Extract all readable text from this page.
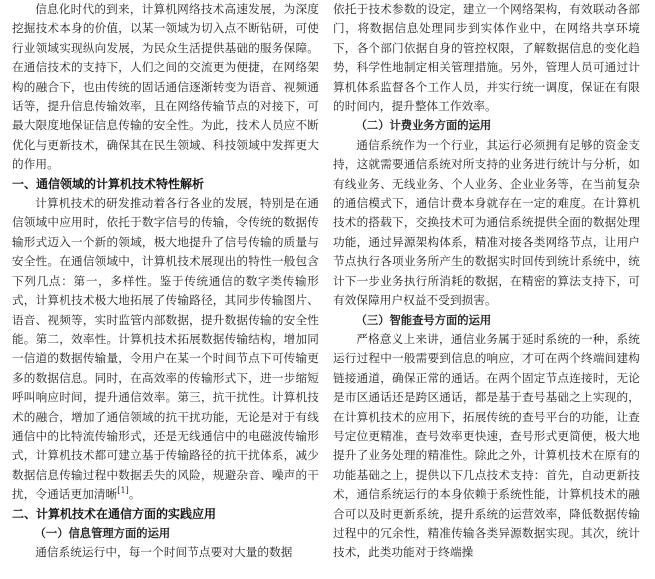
信息化时代的到来，计算机网络技术高速发展，为深度挖掘技术本身的价值，以某一领域为切入点不断钻研，可使行业领域实现纵向发展，为民众生活提供基础的服务保障。在通信技术的支持下，人们之间的交流更为便捷，在网络架构的融合下，也由传统的固话通信逐渐转变为语音、视频通话等，提升信息传输效率，且在网络传输节点的对接下，可最大限度地保证信息传输的安全性。为此，技术人员应不断优化与更新技术，确保其在民生领域、科技领域中发挥更大的作用。

一、通信领域的计算机技术特性解析

计算机技术的研发推动着各行各业的发展，特别是在通信领域中应用时，依托于数字信号的传输，令传统的数据传输形式迈入一个新的领域，极大地提升了信号传输的质量与安全性。在通信领域中，计算机技术展现出的特性一般包含下列几点：第一，多样性。鉴于传统通信的数字类传输形式，计算机技术极大地拓展了传输路径，其同步传输图片、语音、视频等，实时监管内部数据，提升数据传输的安全性能。第二，效率性。计算机技术拓展数据传输结构，增加同一信道的数据传输量，令用户在某一个时间节点下可传输更多的数据信息。同时，在高效率的传输形式下，进一步缩短呼叫响应时间，提升通信效率。第三，抗干扰性。计算机技术的融合，增加了通信领域的抗干扰功能，无论是对于有线通信中的比特流传输形式，还是无线通信中的电磁波传输形式，计算机技术都可建立基于传输路径的抗干扰体系，减少数据信息传输过程中数据丢失的风险，规避杂音、噪声的干扰，令通话更加清晰[1]。

二、计算机技术在通信方面的实践应用
（一）信息管理方面的运用

通信系统运行中，每一个时间节点要对大量的数据

依托于技术参数的设定，建立一个网络架构，有效联动各部门，将数据信息处理同步到实体作业中，在网络共享环境下，各个部门依据自身的管控权限，了解数据信息的变化趋势，科学性地制定相关管理措施。另外，管理人员可通过计算机体系监督各个工作人员，并实行统一调度，保证在有限的时间内，提升整体工作效率。

（二）计费业务方面的运用

通信系统作为一个行业，其运行必须拥有足够的资金支持，这就需要通信系统对所支持的业务进行统计与分析，如有线业务、无线业务、个人业务、企业业务等，在当前复杂的通信模式下，通信计费本身就存在一定的难度。在计算机技术的搭载下，交换技术可为通信系统提供全面的数据处理功能，通过异源架构体系，精准对接各类网络节点，让用户节点执行各项业务所产生的数据实时回传到统计系统中，统计下一步业务执行所消耗的数据，在精密的算法支持下，可有效保障用户权益不受到损害。

（三）智能查号方面的运用

严格意义上来讲，通信业务属于延时系统的一种，系统运行过程中一般需要到信息的响应，才可在两个终端间建构链接通道，确保正常的通话。在两个固定节点连接时，无论是市区通话还是跨区通话，都是基于查号基础之上实现的，在计算机技术的应用下，拓展传统的查号平台的功能，让查号定位更精准，查号效率更快速，查号形式更简便，极大地提升了业务处理的精准性。除此之外，计算机技术在原有的功能基础之上，提供以下几点技术支持：首先，自动更新技术，通信系统运行的本身依赖于系统性能，计算机技术的融合可以及时更新系统，提升系统的运营效率，降低数据传输过程中的冗余性，精准传输各类异源数据实现。其次，统计技术，此类功能对于终端操
